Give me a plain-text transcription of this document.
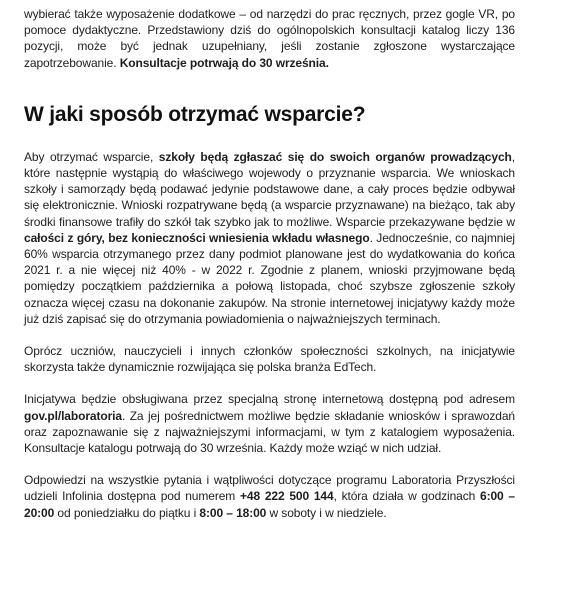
wybierać także wyposażenie dodatkowe – od narzędzi do prac ręcznych, przez gogle VR, po pomoce dydaktyczne. Przedstawiony dziś do ogólnopolskich konsultacji katalog liczy 136 pozycji, może być jednak uzupełniany, jeśli zostanie zgłoszone wystarczające zapotrzebowanie. Konsultacje potrwają do 30 września.

W jaki sposób otrzymać wsparcie?

Aby otrzymać wsparcie, szkoły będą zgłaszać się do swoich organów prowadzących, które następnie wystąpią do właściwego wojewody o przyznanie wsparcia. We wnioskach szkoły i samorządy będą podawać jedynie podstawowe dane, a cały proces będzie odbywał się elektronicznie. Wnioski rozpatrywane będą (a wsparcie przyznawane) na bieżąco, tak aby środki finansowe trafiły do szkół tak szybko jak to możliwe. Wsparcie przekazywane będzie w całości z góry, bez konieczności wniesienia wkładu własnego. Jednocześnie, co najmniej 60% wsparcia otrzymanego przez dany podmiot planowane jest do wydatkowania do końca 2021 r. a nie więcej niż 40% - w 2022 r. Zgodnie z planem, wnioski przyjmowane będą pomiędzy początkiem października a połową listopada, choć szybsze zgłoszenie szkoły oznacza więcej czasu na dokonanie zakupów. Na stronie internetowej inicjatywy każdy może już dziś zapisać się do otrzymania powiadomienia o najważniejszych terminach.

Oprócz uczniów, nauczycieli i innych członków społeczności szkolnych, na inicjatywie skorzysta także dynamicznie rozwijająca się polska branża EdTech.

Inicjatywa będzie obsługiwana przez specjalną stronę internetową dostępną pod adresem gov.pl/laboratoria. Za jej pośrednictwem możliwe będzie składanie wniosków i sprawozdań oraz zapoznawanie się z najważniejszymi informacjami, w tym z katalogiem wyposażenia. Konsultacje katalogu potrwają do 30 września. Każdy może wziąć w nich udział.

Odpowiedzi na wszystkie pytania i wątpliwości dotyczące programu Laboratoria Przyszłości udzieli Infolinia dostępna pod numerem +48 222 500 144, która działa w godzinach 6:00 – 20:00 od poniedziałku do piątku i 8:00 – 18:00 w soboty i w niedziele.
